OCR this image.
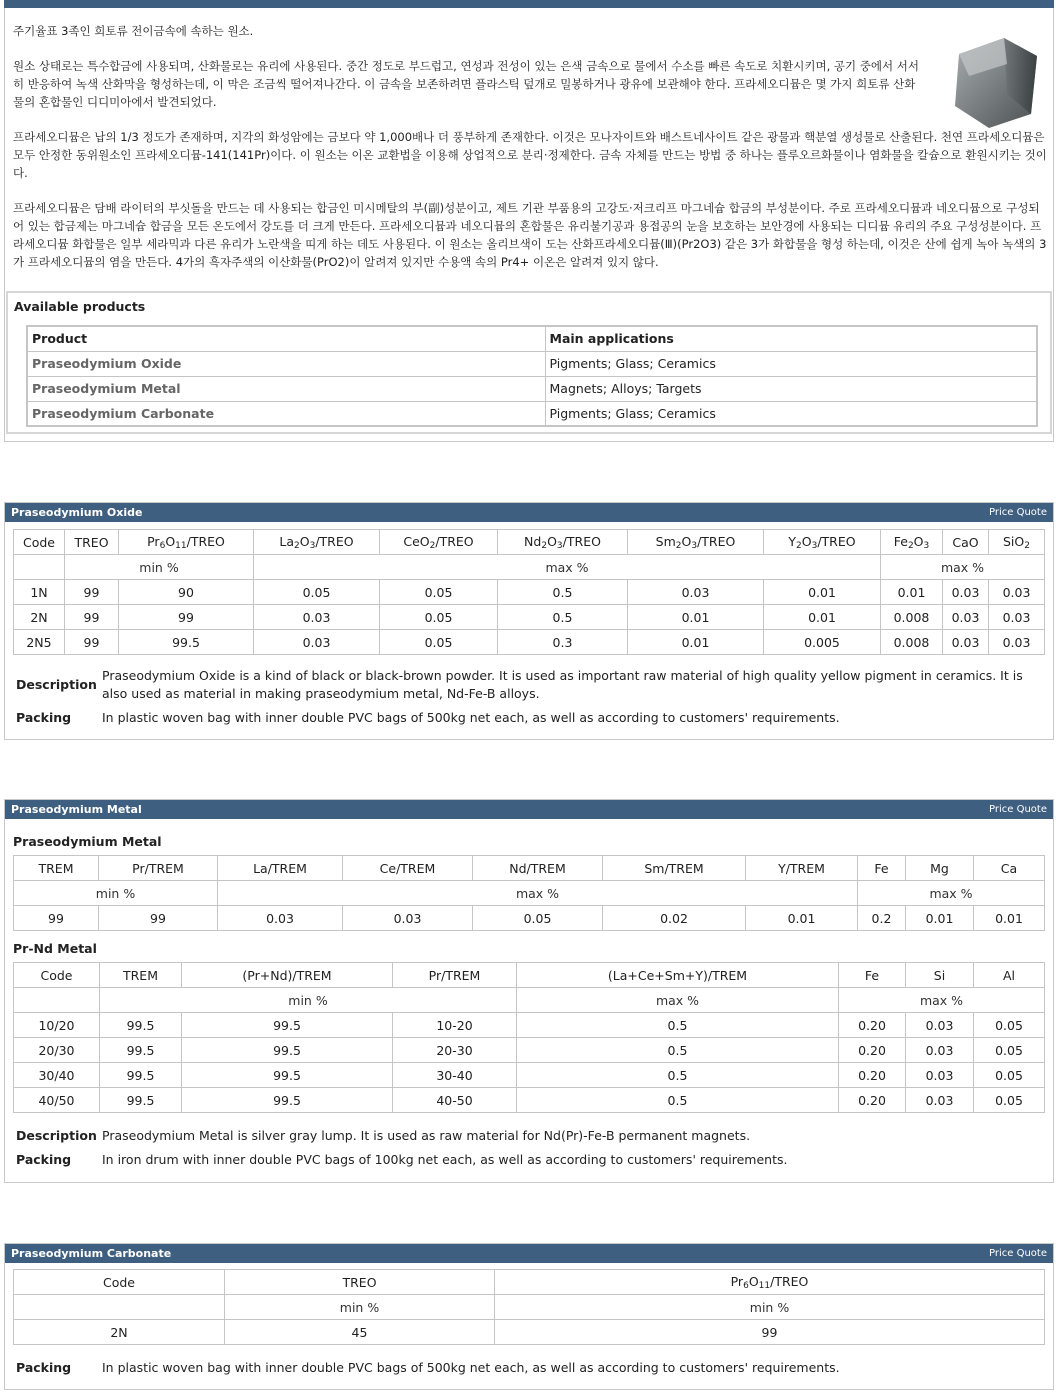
주기율표 3족인 희토류 전이금속에 속하는 원소.

원소 상태로는 특수합금에 사용되며, 산화물로는 유리에 사용된다. 중간 정도로 부드럽고, 연성과 전성이 있는 은색 금속으로 물에서 수소를 빠른 속도로 치환시키며, 공기 중에서 서서히 반응하여 녹색 산화막을 형성하는데, 이 막은 조금씩 떨어져나간다. 이 금속을 보존하려면 플라스틱 덮개로 밀봉하거나 광유에 보관해야 한다. 프라세오디뮴은 몇 가지 희토류 산화물의 혼합물인 디디미아에서 발견되었다.

프라세오디뮴은 납의 1/3 정도가 존재하며, 지각의 화성암에는 금보다 약 1,000배나 더 풍부하게 존재한다. 이것은 모나자이트와 배스트네사이트 같은 광물과 핵분열 생성물로 산출된다. 천연 프라세오디뮴은 모두 안정한 동위원소인 프라세오디뮴-141(141Pr)이다. 이 원소는 이온 교환법을 이용해 상업적으로 분리·정제한다. 금속 자체를 만드는 방법 중 하나는 플루오르화물이나 염화물을 칼슘으로 환원시키는 것이다.

프라세오디뮴은 담배 라이터의 부싯돌을 만드는 데 사용되는 합금인 미시메탈의 부(副)성분이고, 제트 기관 부품용의 고강도·저크리프 마그네슘 합금의 부성분이다. 주로 프라세오디뮴과 네오디뮴으로 구성되어 있는 합금제는 마그네슘 합금을 모든 온도에서 강도를 더 크게 만든다. 프라세오디뮴과 네오디뮴의 혼합물은 유리불기공과 용접공의 눈을 보호하는 보안경에 사용되는 디디뮴 유리의 주요 구성성분이다. 프라세오디뮴 화합물은 일부 세라믹과 다른 유리가 노란색을 띠게 하는 데도 사용된다. 이 원소는 올리브색이 도는 산화프라세오디뮴(Ⅲ)(Pr2O3) 같은 3가 화합물을 형성 하는데, 이것은 산에 쉽게 녹아 녹색의 3가 프라세오디뮴의 염을 만든다. 4가의 흑자주색의 이산화물(PrO2)이 알려져 있지만 수용액 속의 Pr4+ 이온은 알려져 있지 않다.

Available products
Product	Main applications
Praseodymium Oxide	Pigments; Glass; Ceramics
Praseodymium Metal	Magnets; Alloys; Targets
Praseodymium Carbonate	Pigments; Glass; Ceramics
Praseodymium Oxide	Price Quote
Code	TREO	$Pr_6O_{11}$/TREO	$La_2O_3$/TREO	CeO$_2$/TREO	$Nd_2O_3$/TREO	$Sm_2O_3$/TREO	$Y_2O_3$/TREO	$Fe_2O_3$	CaO	SiO$_2$
	min %		max %					max %		
1N	99	90	0.05	0.05	0.5	0.03	0.01	0.01	0.03	0.03
2N	99	99	0.03	0.05	0.5	0.01	0.01	0.008	0.03	0.03
2N5	99	99.5	0.03	0.05	0.3	0.01	0.005	0.008	0.03	0.03
Description
Praseodymium Oxide is a kind of black or black-brown powder. It is used as important raw material of high quality yellow pigment in ceramics. It is also used as material in making praseodymium metal, Nd-Fe-B alloys.
Packing	In plastic woven bag with inner double PVC bags of 500kg net each, as well as according to customers' requirements.
Praseodymium Metal	Price Quote
Praseodymium Metal
TREM	Pr/TREM	La/TREM	Ce/TREM	Nd/TREM	Sm/TREM	Y/TREM	Fe	Mg	Ca
min %		max %					max %		
99	99	0.03	0.03	0.05	0.02	0.01	0.2	0.01	0.01
Pr-Nd Metal
Code	TREM	(Pr+Nd)/TREM	Pr/TREM	(La+Ce+Sm+Y)/TREM	Fe	Si	Al
	min %			max %	max %		
10/20	99.5	99.5	10-20	0.5	0.20	0.03	0.05
20/30	99.5	99.5	20-30	0.5	0.20	0.03	0.05
30/40	99.5	99.5	30-40	0.5	0.20	0.03	0.05
40/50	99.5	99.5	40-50	0.5	0.20	0.03	0.05
Description Praseodymium Metal is silver gray lump. It is used as raw material for Nd(Pr)-Fe-B permanent magnets.
Packing	In iron drum with inner double PVC bags of 100kg net each, as well as according to customers' requirements.
Praseodymium Carbonate	Price Quote
Code	TREO	$Pr_6O_{11}$/TREO
	min %	min %
2N	45	99
Packing	In plastic woven bag with inner double PVC bags of 500kg net each, as well as according to customers' requirements.
